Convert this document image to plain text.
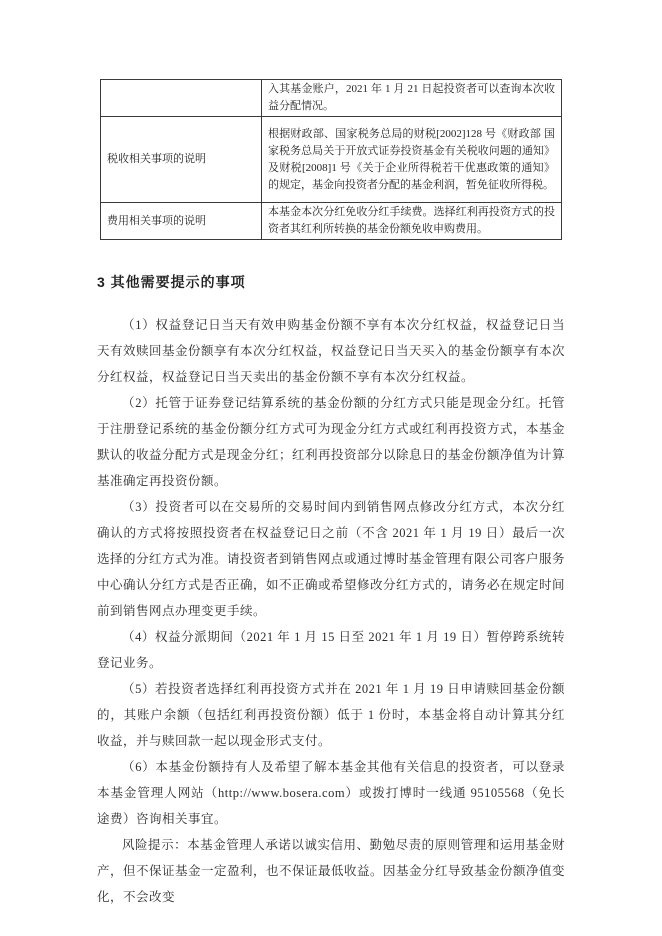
	入其基金账户，2021 年 1 月 21 日起投资者可以查询本次收益分配情况。
税收相关事项的说明	根据财政部、国家税务总局的财税[2002]128 号《财政部 国家税务总局关于开放式证券投资基金有关税收问题的通知》及财税[2008]1 号《关于企业所得税若干优惠政策的通知》的规定，基金向投资者分配的基金利润，暂免征收所得税。
费用相关事项的说明	本基金本次分红免收分红手续费。选择红利再投资方式的投资者其红利所转换的基金份额免收申购费用。
3 其他需要提示的事项

（1）权益登记日当天有效申购基金份额不享有本次分红权益，权益登记日当天有效赎回基金份额享有本次分红权益，权益登记日当天买入的基金份额享有本次分红权益，权益登记日当天卖出的基金份额不享有本次分红权益。

（2）托管于证券登记结算系统的基金份额的分红方式只能是现金分红。托管于注册登记系统的基金份额分红方式可为现金分红方式或红利再投资方式，本基金默认的收益分配方式是现金分红；红利再投资部分以除息日的基金份额净值为计算基准确定再投资份额。

（3）投资者可以在交易所的交易时间内到销售网点修改分红方式，本次分红确认的方式将按照投资者在权益登记日之前（不含 2021 年 1 月 19 日）最后一次选择的分红方式为准。请投资者到销售网点或通过博时基金管理有限公司客户服务中心确认分红方式是否正确，如不正确或希望修改分红方式的，请务必在规定时间前到销售网点办理变更手续。

（4）权益分派期间（2021 年 1 月 15 日至 2021 年 1 月 19 日）暂停跨系统转登记业务。

（5）若投资者选择红利再投资方式并在 2021 年 1 月 19 日申请赎回基金份额的，其账户余额（包括红利再投资份额）低于 1 份时，本基金将自动计算其分红收益，并与赎回款一起以现金形式支付。

（6）本基金份额持有人及希望了解本基金其他有关信息的投资者，可以登录本基金管理人网站（http://www.bosera.com）或拨打博时一线通 95105568（免长途费）咨询相关事宜。

风险提示：本基金管理人承诺以诚实信用、勤勉尽责的原则管理和运用基金财产，但不保证基金一定盈利，也不保证最低收益。因基金分红导致基金份额净值变化，不会改变
